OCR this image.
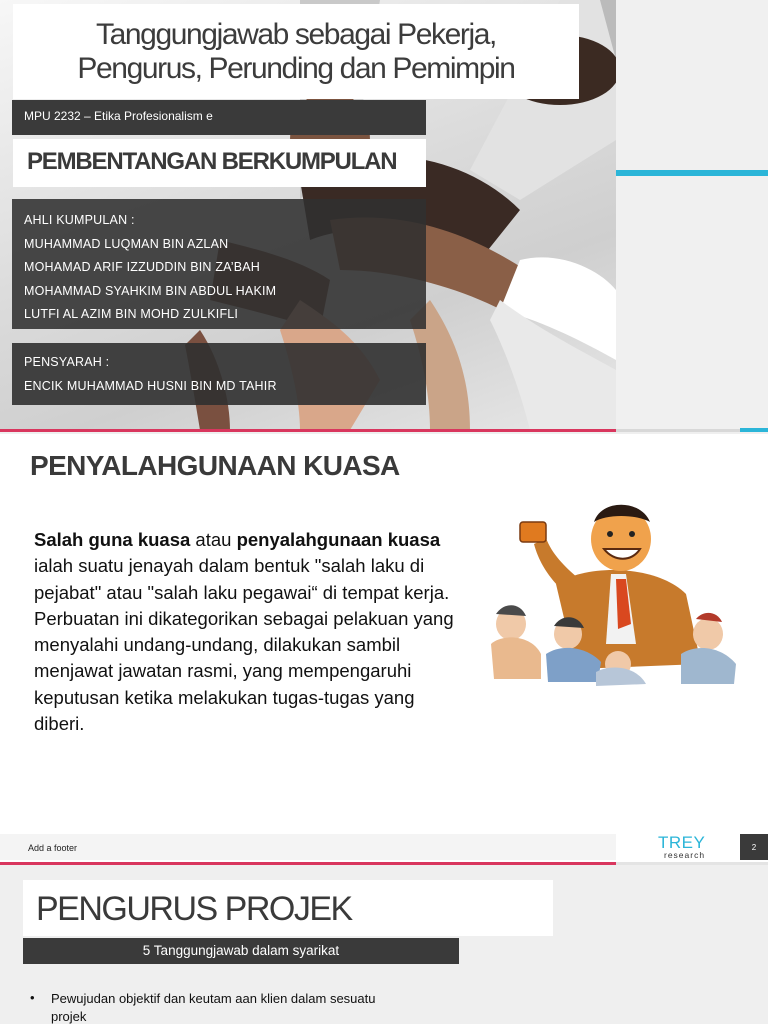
Tanggungjawab sebagai Pekerja,
Pengurus, Perunding dan Pemimpin
MPU 2232 – Etika Profesionalism e
PEMBENTANGAN BERKUMPULAN
AHLI KUMPULAN :
MUHAMMAD LUQMAN BIN AZLAN
MOHAMAD ARIF IZZUDDIN BIN ZA’BAH
MOHAMMAD SYAHKIM BIN ABDUL HAKIM
LUTFI AL AZIM BIN MOHD ZULKIFLI
PENSYARAH :
ENCIK MUHAMMAD HUSNI BIN MD TAHIR
PENYALAHGUNAAN KUASA

Salah guna kuasa atau penyalahgunaan kuasa ialah suatu jenayah dalam bentuk "salah laku di pejabat" atau "salah laku pegawai“ di tempat kerja. Perbuatan ini dikategorikan sebagai pelakuan yang menyalahi undang-undang, dilakukan sambil menjawat jawatan rasmi, yang mempengaruhi keputusan ketika melakukan tugas-tugas yang diberi.

Add a footer	TREY
research
2
PENGURUS PROJEK
5 Tanggungjawab dalam syarikat
• Pewujudan objektif dan keutam aan klien dalam sesuatu projek
